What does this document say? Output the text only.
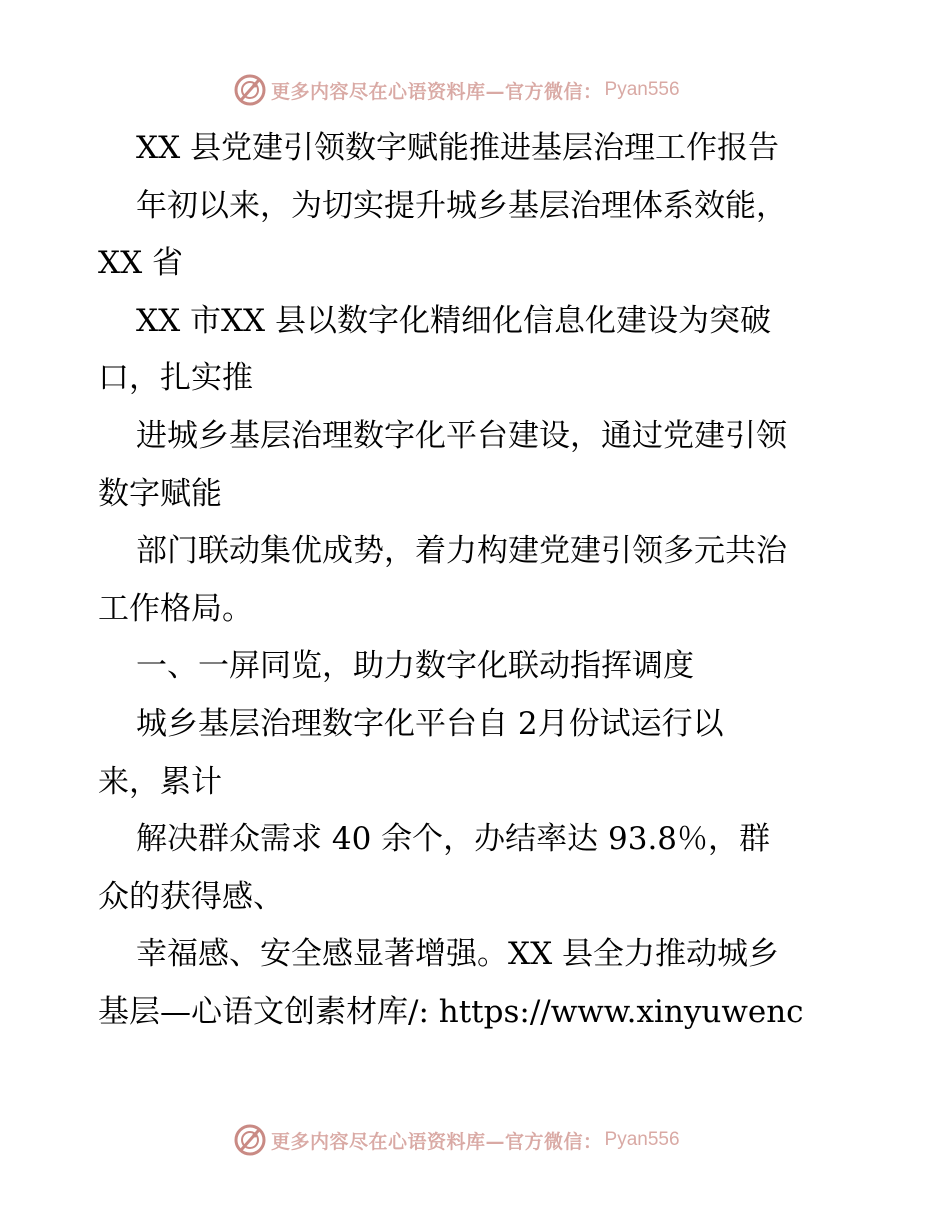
更多内容尽在心语资料库—官方微信： Pyan556

XX 县党建引领数字赋能推进基层治理工作报告

年初以来，为切实提升城乡基层治理体系效能，

XX 省

XX 市XX 县以数字化精细化信息化建设为突破

口，扎实推

进城乡基层治理数字化平台建设，通过党建引领

数字赋能

部门联动集优成势，着力构建党建引领多元共治

工作格局。

一、一屏同览，助力数字化联动指挥调度

城乡基层治理数字化平台自 2月份试运行以

来，累计

解决群众需求 40 余个，办结率达 93.8％，群

众的获得感、

幸福感、安全感显著增强。XX 县全力推动城乡

基层—心语文创素材库/: https://www.xinyuwenc

更多内容尽在心语资料库—官方微信： Pyan556
